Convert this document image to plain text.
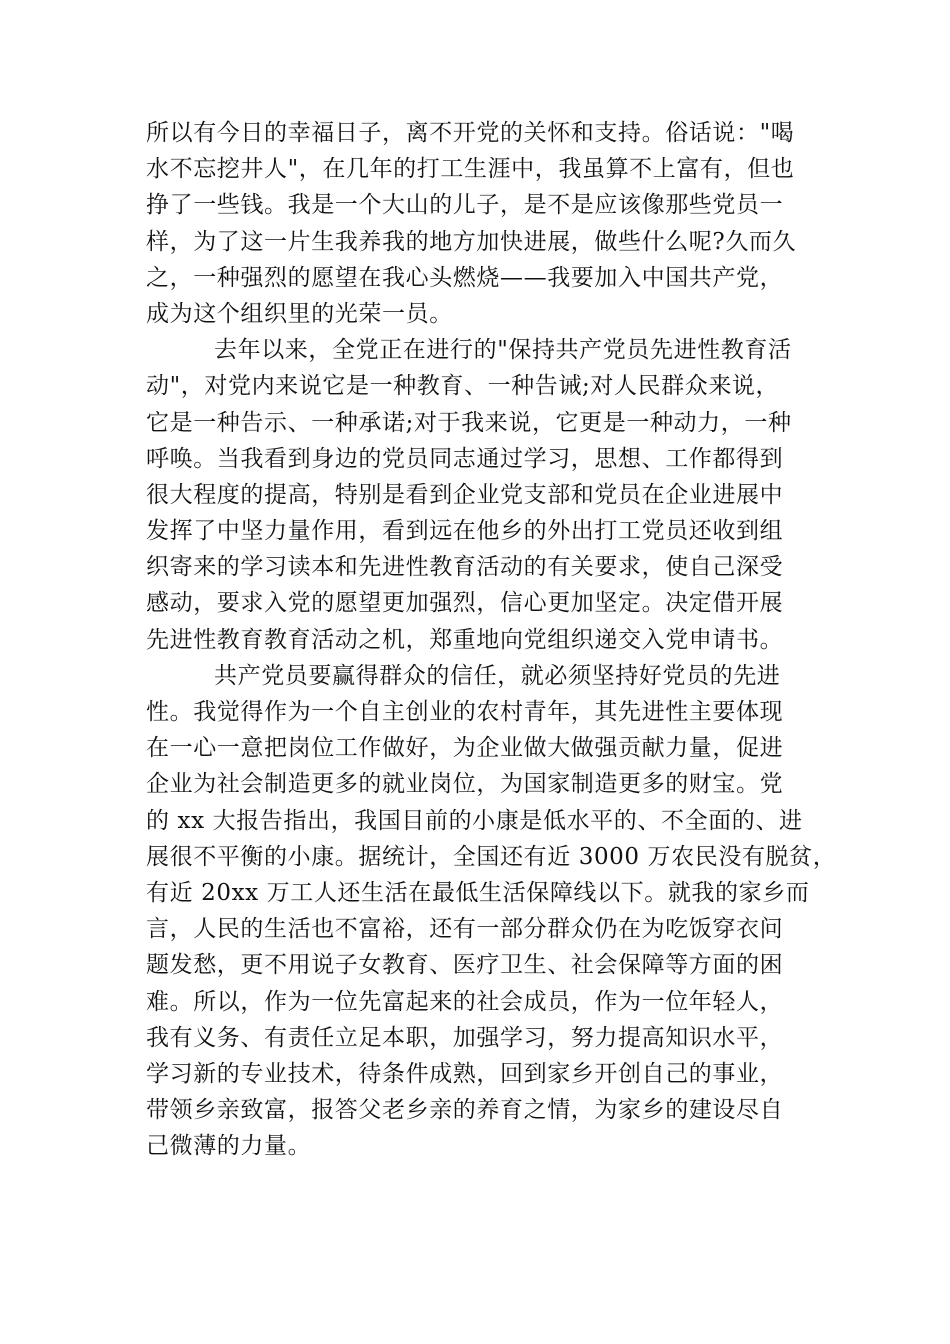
所以有今日的幸福日子，离不开党的关怀和支持。俗话说："喝
水不忘挖井人"，在几年的打工生涯中，我虽算不上富有，但也
挣了一些钱。我是一个大山的儿子，是不是应该像那些党员一
样，为了这一片生我养我的地方加快进展，做些什么呢?久而久
之，一种强烈的愿望在我心头燃烧——我要加入中国共产党，
成为这个组织里的光荣一员。
去年以来，全党正在进行的"保持共产党员先进性教育活
动"，对党内来说它是一种教育、一种告诫;对人民群众来说，
它是一种告示、一种承诺;对于我来说，它更是一种动力，一种
呼唤。当我看到身边的党员同志通过学习，思想、工作都得到
很大程度的提高，特别是看到企业党支部和党员在企业进展中
发挥了中坚力量作用，看到远在他乡的外出打工党员还收到组
织寄来的学习读本和先进性教育活动的有关要求，使自己深受
感动，要求入党的愿望更加强烈，信心更加坚定。决定借开展
先进性教育教育活动之机，郑重地向党组织递交入党申请书。
共产党员要赢得群众的信任，就必须坚持好党员的先进
性。我觉得作为一个自主创业的农村青年，其先进性主要体现
在一心一意把岗位工作做好，为企业做大做强贡献力量，促进
企业为社会制造更多的就业岗位，为国家制造更多的财宝。党
的 xx 大报告指出，我国目前的小康是低水平的、不全面的、进
展很不平衡的小康。据统计，全国还有近 3000 万农民没有脱贫，
有近 20xx 万工人还生活在最低生活保障线以下。就我的家乡而
言，人民的生活也不富裕，还有一部分群众仍在为吃饭穿衣问
题发愁，更不用说子女教育、医疗卫生、社会保障等方面的困
难。所以，作为一位先富起来的社会成员，作为一位年轻人，
我有义务、有责任立足本职，加强学习，努力提高知识水平，
学习新的专业技术，待条件成熟，回到家乡开创自己的事业，
带领乡亲致富，报答父老乡亲的养育之情，为家乡的建设尽自
己微薄的力量。
